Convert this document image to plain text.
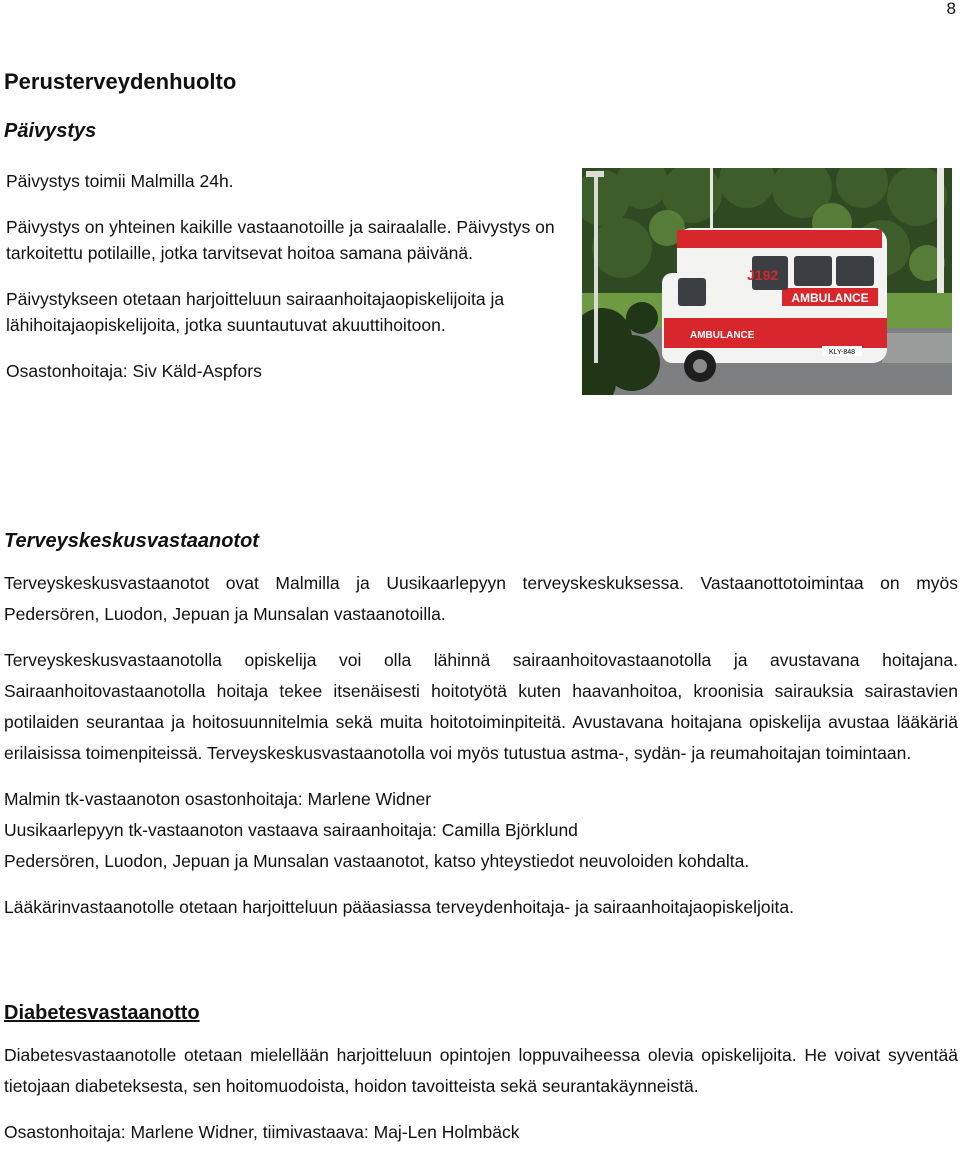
8
Perusterveydenhuolto
Päivystys

Päivystys toimii Malmilla 24h.

Päivystys on yhteinen kaikille vastaanotoille ja sairaalalle. Päivystys on tarkoitettu potilaille, jotka tarvitsevat hoitoa samana päivänä.

Päivystykseen otetaan harjoitteluun sairaanhoitajaopiskelijoita ja lähihoitajaopiskelijoita, jotka suuntautuvat akuuttihoitoon.

Osastonhoitaja: Siv Käld-Aspfors

AMBULANCE
J192
AMBULANCE
KLY-848
Terveyskeskusvastaanotot

Terveyskeskusvastaanotot ovat Malmilla ja Uusikaarlepyyn terveyskeskuksessa. Vastaanottotoimintaa on myös Pedersören, Luodon, Jepuan ja Munsalan vastaanotoilla.

Terveyskeskusvastaanotolla opiskelija voi olla lähinnä sairaanhoitovastaanotolla ja avustavana hoitajana. Sairaanhoitovastaanotolla hoitaja tekee itsenäisesti hoitotyötä kuten haavanhoitoa, kroonisia sairauksia sairastavien potilaiden seurantaa ja hoitosuunnitelmia sekä muita hoitotoiminpiteitä. Avustavana hoitajana opiskelija avustaa lääkäriä erilaisissa toimenpiteissä. Terveyskeskusvastaanotolla voi myös tutustua astma-, sydän- ja reumahoitajan toimintaan.

Malmin tk-vastaanoton osastonhoitaja: Marlene Widner

Uusikaarlepyyn tk-vastaanoton vastaava sairaanhoitaja: Camilla Björklund

Pedersören, Luodon, Jepuan ja Munsalan vastaanotot, katso yhteystiedot neuvoloiden kohdalta.

Lääkärinvastaanotolle otetaan harjoitteluun pääasiassa terveydenhoitaja- ja sairaanhoitajaopiskeljoita.

Diabetesvastaanotto

Diabetesvastaanotolle otetaan mielellään harjoitteluun opintojen loppuvaiheessa olevia opiskelijoita. He voivat syventää tietojaan diabeteksesta, sen hoitomuodoista, hoidon tavoitteista sekä seurantakäynneistä.

Osastonhoitaja: Marlene Widner, tiimivastaava: Maj-Len Holmbäck
